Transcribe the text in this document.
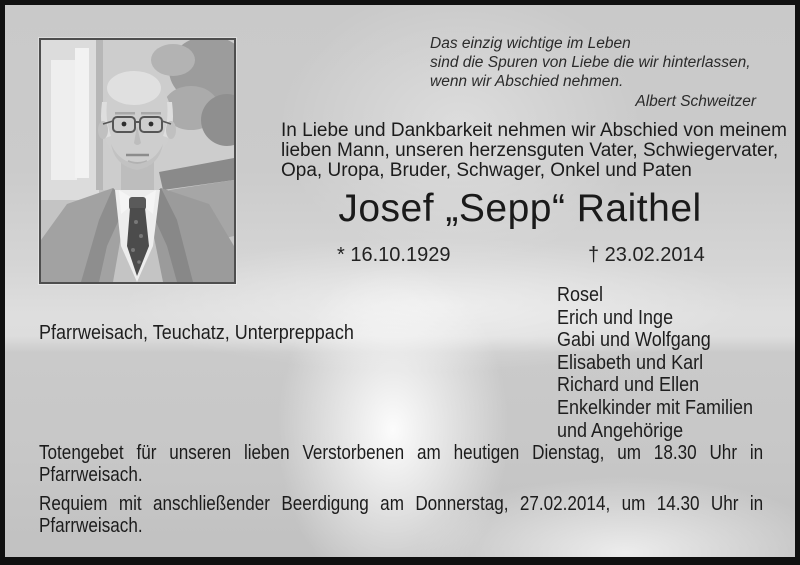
Das einzig wichtige im Leben
sind die Spuren von Liebe die wir hinterlassen,
wenn wir Abschied nehmen.
Albert Schweitzer
In Liebe und Dankbarkeit nehmen wir Abschied von meinem
lieben Mann, unseren herzensguten Vater, Schwiegervater,
Opa, Uropa, Bruder, Schwager, Onkel und Paten
Josef „Sepp“ Raithel
* 16.10.1929	† 23.02.2014
Pfarrweisach, Teuchatz, Unterpreppach
Rosel
Erich und Inge
Gabi und Wolfgang
Elisabeth und Karl
Richard und Ellen
Enkelkinder mit Familien
und Angehörige
Totengebet für unseren lieben Verstorbenen am heutigen Dienstag, um 18.30 Uhr in
Pfarrweisach.
Requiem mit anschließender Beerdigung am Donnerstag, 27.02.2014, um 14.30 Uhr in
Pfarrweisach.
